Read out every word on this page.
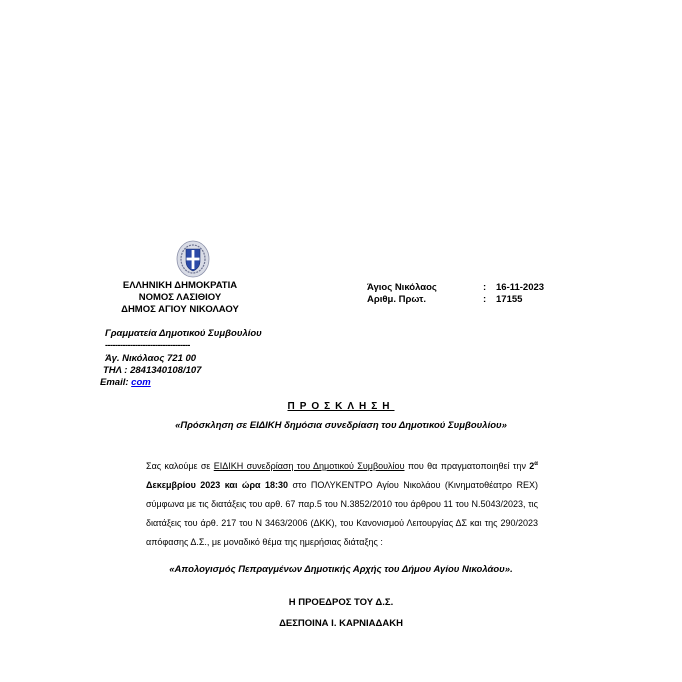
ΕΛΛΗΝΙΚΗ ΔΗΜΟΚΡΑΤΙΑ
ΝΟΜΟΣ ΛΑΣΙΘΙΟΥ
ΔΗΜΟΣ ΑΓΙΟΥ ΝΙΚΟΛΑΟΥ
Άγιος Νικόλαος	: 16-11-2023
Αριθμ. Πρωτ.	: 17155
Γραμματεία Δημοτικού Συμβουλίου
----------------------------------
Άγ. Νικόλαος 721 00
ΤΗΛ : 2841340108/107
Email: com
ΠΡΟΣΚΛΗΣΗ
«Πρόσκληση σε ΕΙΔΙΚΗ δημόσια συνεδρίαση του Δημοτικού Συμβουλίου»
Σας καλούμε σε ΕΙΔΙΚΗ συνεδρίαση του Δημοτικού Συμβουλίου που θα πραγματοποιηθεί την $2^\alpha$ Δεκεμβρίου 2023 και ώρα 18:30 στο ΠΟΛΥΚΕΝΤΡΟ Αγίου Νικολάου (Κινηματοθέατρο REX) σύμφωνα με τις διατάξεις του αρθ. 67 παρ.5 του Ν.3852/2010 του άρθρου 11 του Ν.5043/2023, τις διατάξεις του άρθ. 217 του Ν 3463/2006 (ΔΚΚ), του Κανονισμού Λειτουργίας ΔΣ και της 290/2023 απόφασης Δ.Σ., με μοναδικό θέμα της ημερήσιας διάταξης :
«Απολογισμός Πεπραγμένων Δημοτικής Αρχής του Δήμου Αγίου Νικολάου».
Η ΠΡΟΕΔΡΟΣ ΤΟΥ Δ.Σ.
ΔΕΣΠΟΙΝΑ Ι. ΚΑΡΝΙΑΔΑΚΗ
